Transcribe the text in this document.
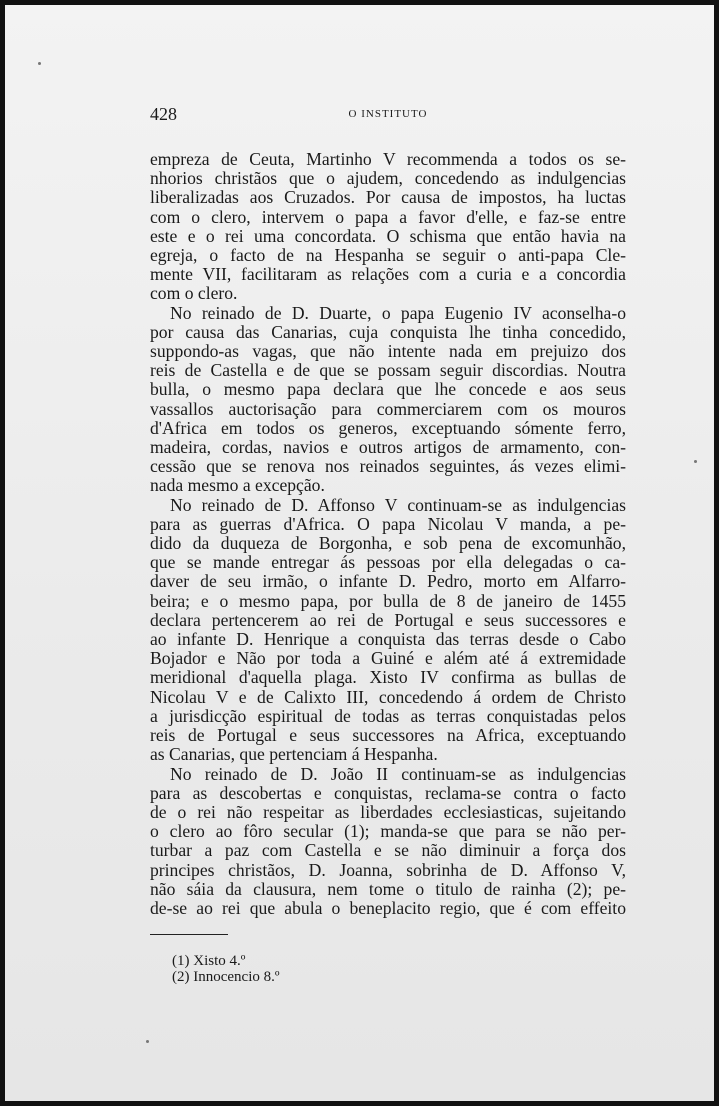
428	O INSTITUTO
empreza de Ceuta, Martinho V recommenda a todos os se-
nhorios christãos que o ajudem, concedendo as indulgencias
liberalizadas aos Cruzados. Por causa de impostos, ha luctas
com o clero, intervem o papa a favor d'elle, e faz-se entre
este e o rei uma concordata. O schisma que então havia na
egreja, o facto de na Hespanha se seguir o anti-papa Cle-
mente VII, facilitaram as relações com a curia e a concordia
com o clero.
No reinado de D. Duarte, o papa Eugenio IV aconselha-o
por causa das Canarias, cuja conquista lhe tinha concedido,
suppondo-as vagas, que não intente nada em prejuizo dos
reis de Castella e de que se possam seguir discordias. Noutra
bulla, o mesmo papa declara que lhe concede e aos seus
vassallos auctorisação para commerciarem com os mouros
d'Africa em todos os generos, exceptuando sómente ferro,
madeira, cordas, navios e outros artigos de armamento, con-
cessão que se renova nos reinados seguintes, ás vezes elimi-
nada mesmo a excepção.
No reinado de D. Affonso V continuam-se as indulgencias
para as guerras d'Africa. O papa Nicolau V manda, a pe-
dido da duqueza de Borgonha, e sob pena de excomunhão,
que se mande entregar ás pessoas por ella delegadas o ca-
daver de seu irmão, o infante D. Pedro, morto em Alfarro-
beira; e o mesmo papa, por bulla de 8 de janeiro de 1455
declara pertencerem ao rei de Portugal e seus successores e
ao infante D. Henrique a conquista das terras desde o Cabo
Bojador e Não por toda a Guiné e além até á extremidade
meridional d'aquella plaga. Xisto IV confirma as bullas de
Nicolau V e de Calixto III, concedendo á ordem de Christo
a jurisdicção espiritual de todas as terras conquistadas pelos
reis de Portugal e seus successores na Africa, exceptuando
as Canarias, que pertenciam á Hespanha.
No reinado de D. João II continuam-se as indulgencias
para as descobertas e conquistas, reclama-se contra o facto
de o rei não respeitar as liberdades ecclesiasticas, sujeitando
o clero ao fôro secular (1); manda-se que para se não per-
turbar a paz com Castella e se não diminuir a força dos
principes christãos, D. Joanna, sobrinha de D. Affonso V,
não sáia da clausura, nem tome o titulo de rainha (2); pe-
de-se ao rei que abula o beneplacito regio, que é com effeito
(1) Xisto 4.º
(2) Innocencio 8.º
